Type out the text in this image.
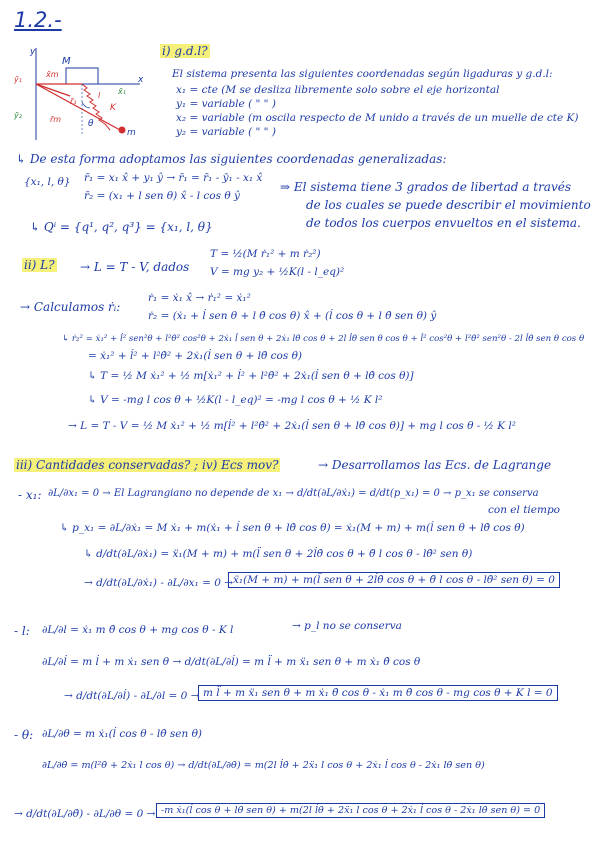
1.2.-
y
x
M
m
K
θ
ȳ₁
ȳ₂
x̄₁
x̄m
r̄₁
r̄m
l
i) g.d.l?
El sistema presenta las siguientes coordenadas según ligaduras y g.d.l:
x₁ = cte (M se desliza libremente solo sobre el eje horizontal
y₁ = variable ( " " )
x₂ = variable (m oscila respecto de M unido a través de un muelle de cte K)
y₂ = variable ( " " )
↳ De esta forma adoptamos las siguientes coordenadas generalizadas:
{x₁, l, θ} r̄₁ = x₁ x̂ + y₁ ŷ → r̄₁ = r̄₁ - ȳ₁ - x₁ x̂
r̄₂ = (x₁ + l sen θ) x̂ - l cos θ ŷ
↳ Qⁱ = {q¹, q², q³} = {x₁, l, θ}
⇒ El sistema tiene 3 grados de libertad a través
de los cuales se puede describir el movimiento
de todos los cuerpos envueltos en el sistema.
ii) L? → L = T - V, dados
T = ½(M ṙ₁² + m ṙ₂²)
V = mg y₂ + ½K(l - l_eq)²
→ Calculamos ṙᵢ:
ṙ₁ = ẋ₁ x̂ → ṙ₁² = ẋ₁²
ṙ₂ = (ẋ₁ + l̇ sen θ + l θ̇ cos θ) x̂ + (l̇ cos θ + l θ̇ sen θ) ŷ
↳ ṙ₂² = ẋ₁² + l̇² sen²θ + l²θ̇² cos²θ + 2ẋ₁ l̇ sen θ + 2ẋ₁ lθ̇ cos θ + 2l l̇θ̇ sen θ cos θ + l̇² cos²θ + l²θ̇² sen²θ - 2l l̇θ̇ sen θ cos θ
= ẋ₁² + l̇² + l²θ̇² + 2ẋ₁(l̇ sen θ + lθ̇ cos θ)
↳ T = ½ M ẋ₁² + ½ m[ẋ₁² + l̇² + l²θ̇² + 2ẋ₁(l̇ sen θ + lθ̇ cos θ)]
↳ V = -mg l cos θ + ½K(l - l_eq)² = -mg l cos θ + ½ K l²
→ L = T - V = ½ M ẋ₁² + ½ m[l̇² + l²θ̇² + 2ẋ₁(l̇ sen θ + lθ̇ cos θ)] + mg l cos θ - ½ K l²
iii) Cantidades conservadas? ; iv) Ecs mov?	→ Desarrollamos las Ecs. de Lagrange
- x₁: ∂L/∂x₁ = 0 → El Lagrangiano no depende de x₁ → d/dt(∂L/∂ẋ₁) = d/dt(p_x₁) = 0 → p_x₁ se conserva
con el tiempo
↳ p_x₁ = ∂L/∂ẋ₁ = M ẋ₁ + m(ẋ₁ + l̇ sen θ + lθ̇ cos θ) = ẋ₁(M + m) + m(l̇ sen θ + lθ̇ cos θ)
↳ d/dt(∂L/∂ẋ₁) = ẍ₁(M + m) + m(l̈ sen θ + 2l̇θ̇ cos θ + θ̈ l cos θ - lθ̇² sen θ)
→ d/dt(∂L/∂ẋ₁) - ∂L/∂x₁ = 0 → ẍ₁(M + m) + m(l̈ sen θ + 2l̇θ̇ cos θ + θ̈ l cos θ - lθ̇² sen θ) = 0
- l: ∂L/∂l = ẋ₁ m θ̇ cos θ + mg cos θ - K l	→ p_l no se conserva
∂L/∂l̇ = m l̇ + m ẋ₁ sen θ → d/dt(∂L/∂l̇) = m l̈ + m ẍ₁ sen θ + m ẋ₁ θ̇ cos θ
→ d/dt(∂L/∂l̇) - ∂L/∂l = 0 → m l̈ + m ẍ₁ sen θ + m ẋ₁ θ̇ cos θ - ẋ₁ m θ̇ cos θ - mg cos θ + K l = 0
- θ: ∂L/∂θ = m ẋ₁(l̇ cos θ - lθ̇ sen θ)
∂L/∂θ̇ = m(l²θ̇ + 2ẋ₁ l cos θ) → d/dt(∂L/∂θ̇) = m(2l l̇θ̇ + 2ẍ₁ l cos θ + 2ẋ₁ l̇ cos θ - 2ẋ₁ lθ̇ sen θ)
→ d/dt(∂L/∂θ̇) - ∂L/∂θ = 0 → -m ẋ₁(l̇ cos θ + lθ̇ sen θ) + m(2l l̇θ̇ + 2ẍ₁ l cos θ + 2ẋ₁ l̇ cos θ - 2ẋ₁ lθ̇ sen θ) = 0
